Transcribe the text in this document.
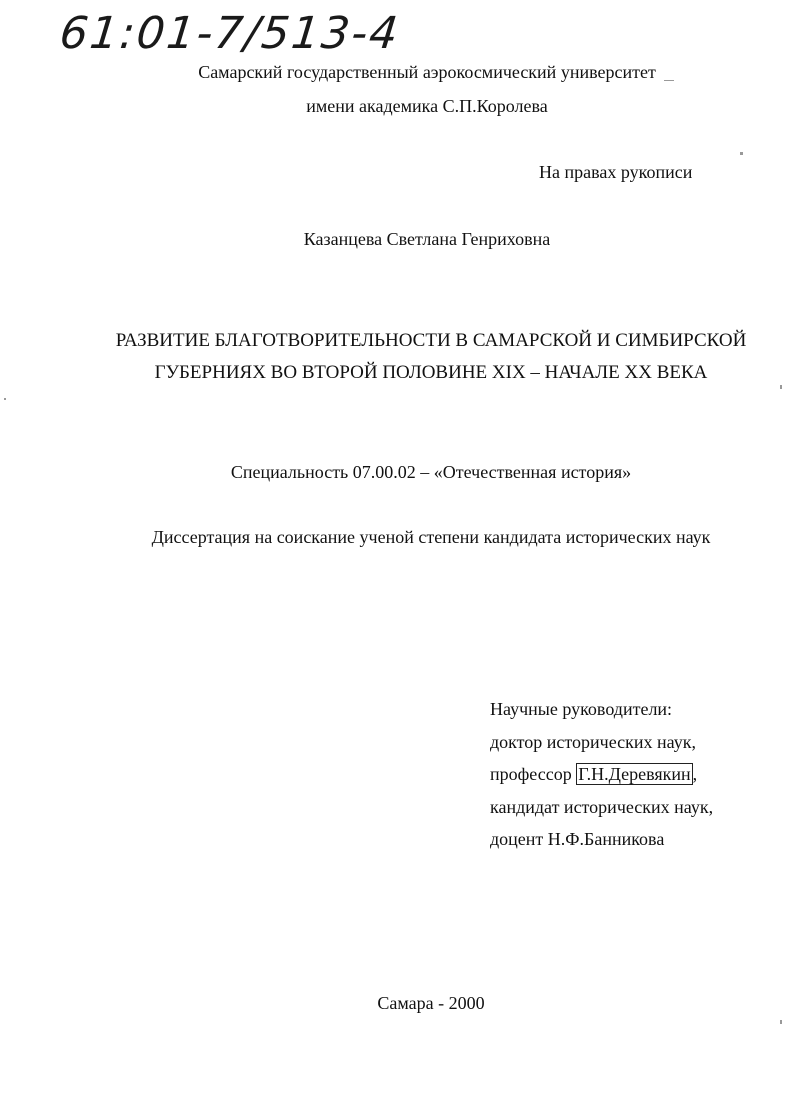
61:01-7/513-4
Самарский государственный аэрокосмический университет
имени академика С.П.Королева
На правах рукописи
Казанцева Светлана Генриховна
РАЗВИТИЕ БЛАГОТВОРИТЕЛЬНОСТИ В САМАРСКОЙ И СИМБИРСКОЙ
ГУБЕРНИЯХ ВО ВТОРОЙ ПОЛОВИНЕ XIX – НАЧАЛЕ XX ВЕКА
Специальность 07.00.02 – «Отечественная история»
Диссертация на соискание ученой степени кандидата исторических наук
Научные руководители:
доктор исторических наук,
профессор Г.Н.Деревякин ,
кандидат исторических наук,
доцент Н.Ф.Банникова
Самара - 2000
